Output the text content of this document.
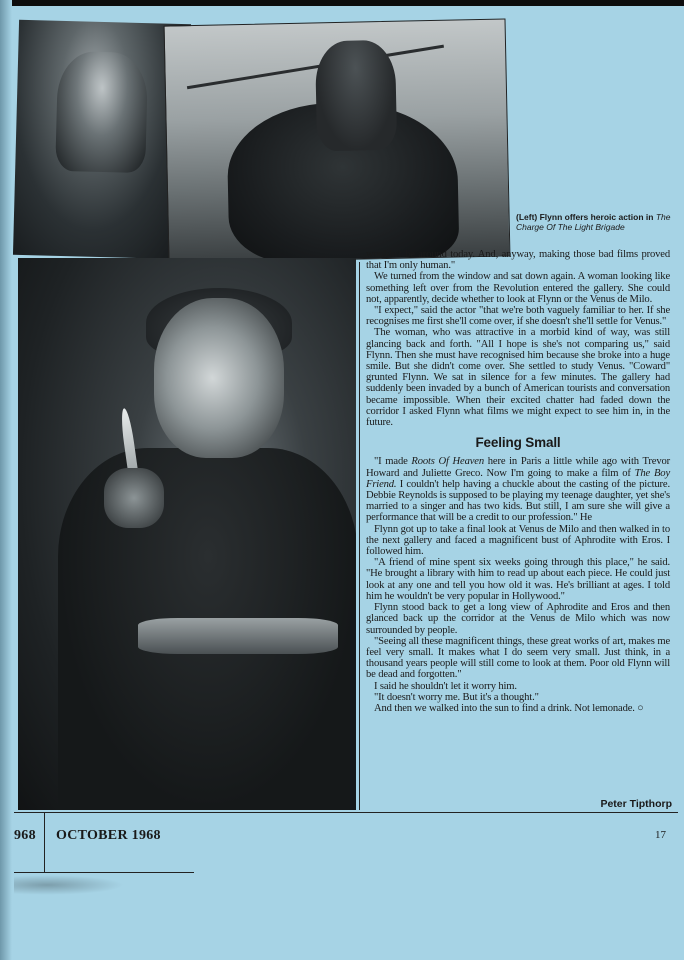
(Left) Flynn offers heroic action in The Charge Of The Light Brigade

wouldn't be around today. And, anyway, making those bad films proved that I'm only human."

We turned from the window and sat down again. A woman looking like something left over from the Revolution entered the gallery. She could not, apparently, decide whether to look at Flynn or the Venus de Milo.

"I expect," said the actor "that we're both vaguely familiar to her. If she recognises me first she'll come over, if she doesn't she'll settle for Venus."

The woman, who was attractive in a morbid kind of way, was still glancing back and forth. "All I hope is she's not comparing us," said Flynn. Then she must have recognised him because she broke into a huge smile. But she didn't come over. She settled to study Venus. "Coward" grunted Flynn. We sat in silence for a few minutes. The gallery had suddenly been invaded by a bunch of American tourists and conversation became impossible. When their excited chatter had faded down the corridor I asked Flynn what films we might expect to see him in, in the future.

Feeling Small

"I made Roots Of Heaven here in Paris a little while ago with Trevor Howard and Juliette Greco. Now I'm going to make a film of The Boy Friend. I couldn't help having a chuckle about the casting of the picture. Debbie Reynolds is supposed to be playing my teenage daughter, yet she's married to a singer and has two kids. But still, I am sure she will give a performance that will be a credit to our profession." He

Flynn got up to take a final look at Venus de Milo and then walked in to the next gallery and faced a magnificent bust of Aphrodite with Eros. I followed him.

"A friend of mine spent six weeks going through this place," he said. "He brought a library with him to read up about each piece. He could just look at any one and tell you how old it was. He's brilliant at ages. I told him he wouldn't be very popular in Hollywood."

Flynn stood back to get a long view of Aphrodite and Eros and then glanced back up the corridor at the Venus de Milo which was now surrounded by people.

"Seeing all these magnificent things, these great works of art, makes me feel very small. It makes what I do seem very small. Just think, in a thousand years people will still come to look at them. Poor old Flynn will be dead and forgotten."

I said he shouldn't let it worry him.

"It doesn't worry me. But it's a thought."

And then we walked into the sun to find a drink. Not lemonade. ○

Peter Tipthorp
968 OCTOBER 1968	17
